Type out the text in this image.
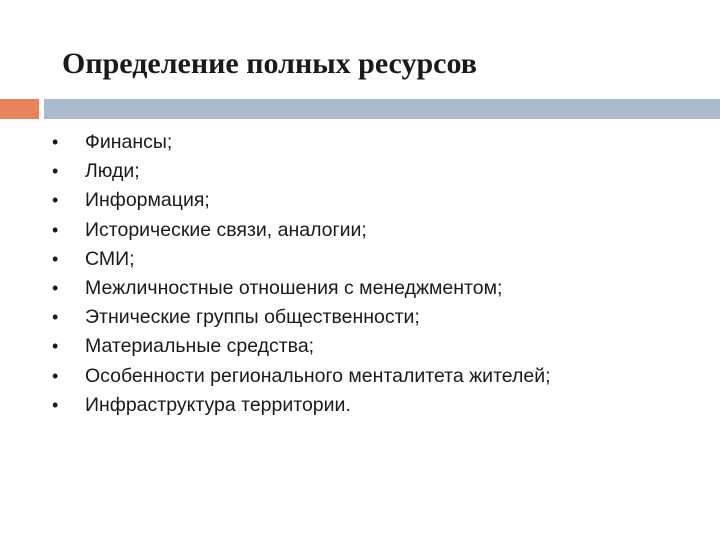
Определение полных ресурсов
•	Финансы;
•	Люди;
•	Информация;
•	Исторические связи, аналогии;
•	СМИ;
•	Межличностные отношения с менеджментом;
•	Этнические группы общественности;
•	Материальные средства;
•	Особенности регионального менталитета жителей;
•	Инфраструктура территории.
